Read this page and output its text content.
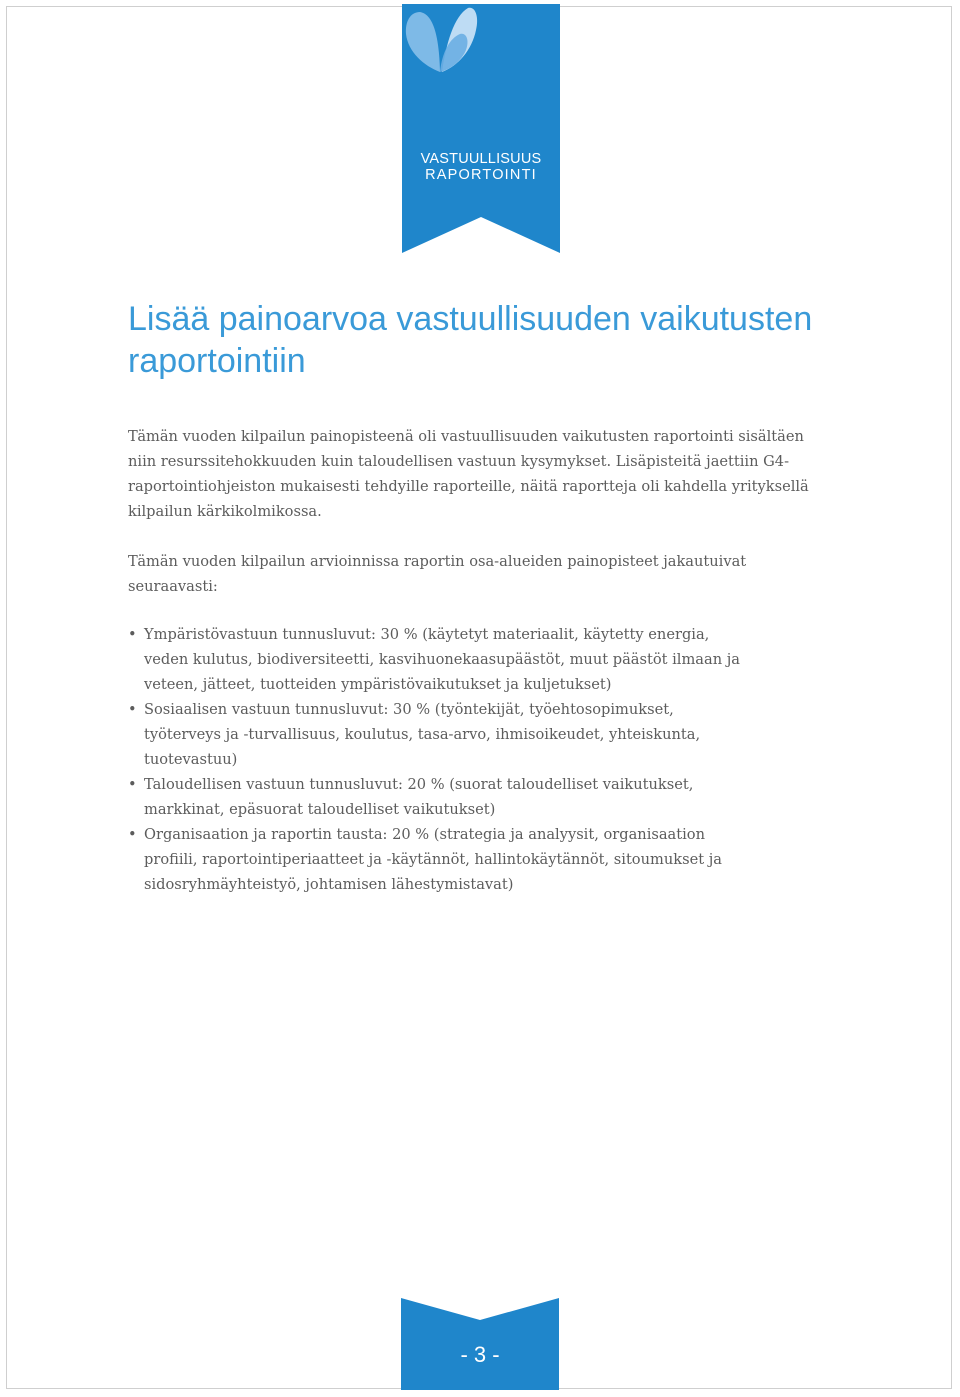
VASTUULLISUUS
RAPORTOINTI
Lisää painoarvoa vastuullisuuden vaikutusten raportointiin

Tämän vuoden kilpailun painopisteenä oli vastuullisuuden vaikutusten raportointi sisältäen niin resurssitehokkuuden kuin taloudellisen vastuun kysymykset. Lisäpisteitä jaettiin G4-raportointiohjeiston mukaisesti tehdyille raporteille, näitä raportteja oli kahdella yrityksellä kilpailun kärkikolmikossa.

Tämän vuoden kilpailun arvioinnissa raportin osa-alueiden painopisteet jakautuivat seuraavasti:

• Ympäristövastuun tunnusluvut: 30 % (käytetyt materiaalit, käytetty energia, veden kulutus, biodiversiteetti, kasvihuonekaasupäästöt, muut päästöt ilmaan ja veteen, jätteet, tuotteiden ympäristövaikutukset ja kuljetukset)
• Sosiaalisen vastuun tunnusluvut: 30 % (työntekijät, työehtosopimukset, työterveys ja -turvallisuus, koulutus, tasa-arvo, ihmisoikeudet, yhteiskunta, tuotevastuu)
• Taloudellisen vastuun tunnusluvut: 20 % (suorat taloudelliset vaikutukset, markkinat, epäsuorat taloudelliset vaikutukset)
• Organisaation ja raportin tausta: 20 % (strategia ja analyysit, organisaation profiili, raportointiperiaatteet ja -käytännöt, hallintokäytännöt, sitoumukset ja sidosryhmäyhteistyö, johtamisen lähestymistavat)
- 3 -
